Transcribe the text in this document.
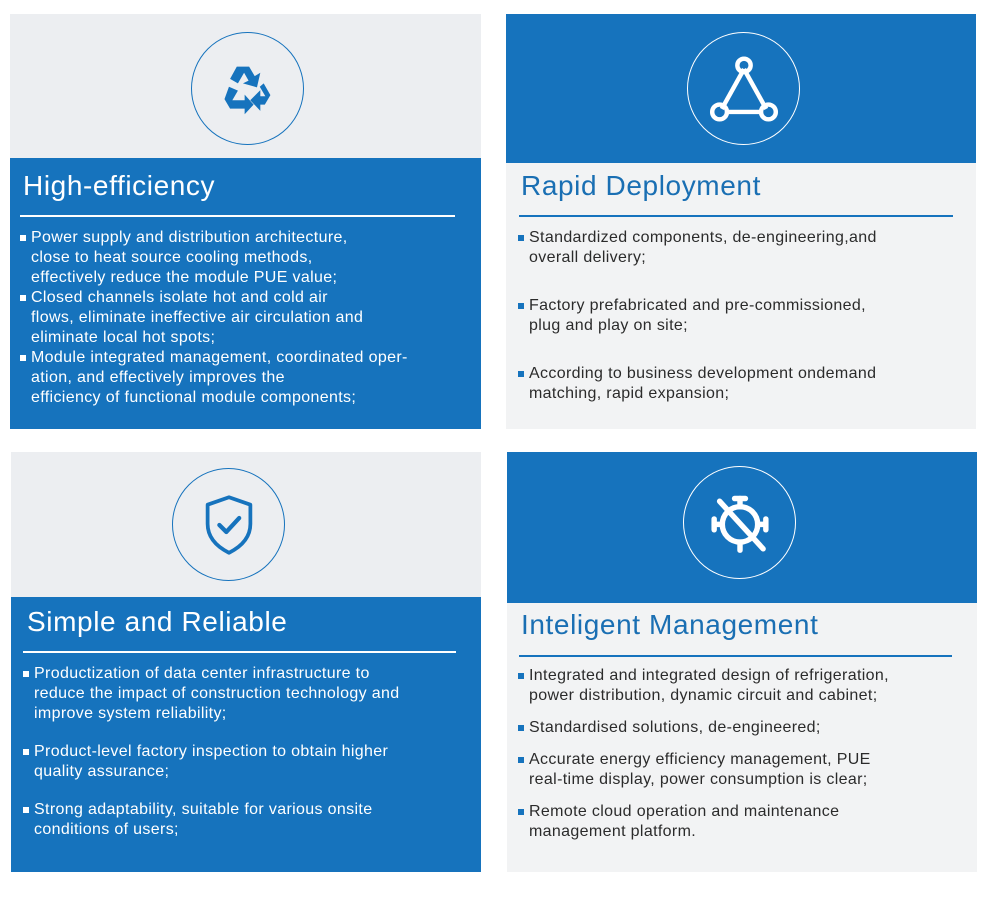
High-efficiency
Power supply and distribution architecture,
close to heat source cooling methods,
effectively reduce the module PUE value;
Closed channels isolate hot and cold air
flows, eliminate ineffective air circulation and
eliminate local hot spots;
Module integrated management, coordinated oper-
ation, and effectively improves the
efficiency of functional module components;
Rapid Deployment
Standardized components, de-engineering,and
overall delivery;
Factory prefabricated and pre-commissioned,
plug and play on site;
According to business development ondemand
matching, rapid expansion;
Simple and Reliable
Productization of data center infrastructure to
reduce the impact of construction technology and
improve system reliability;
Product-level factory inspection to obtain higher
quality assurance;
Strong adaptability, suitable for various onsite
conditions of users;
Inteligent Management
Integrated and integrated design of refrigeration,
power distribution, dynamic circuit and cabinet;
Standardised solutions, de-engineered;
Accurate energy efficiency management, PUE
real-time display, power consumption is clear;
Remote cloud operation and maintenance
management platform.
